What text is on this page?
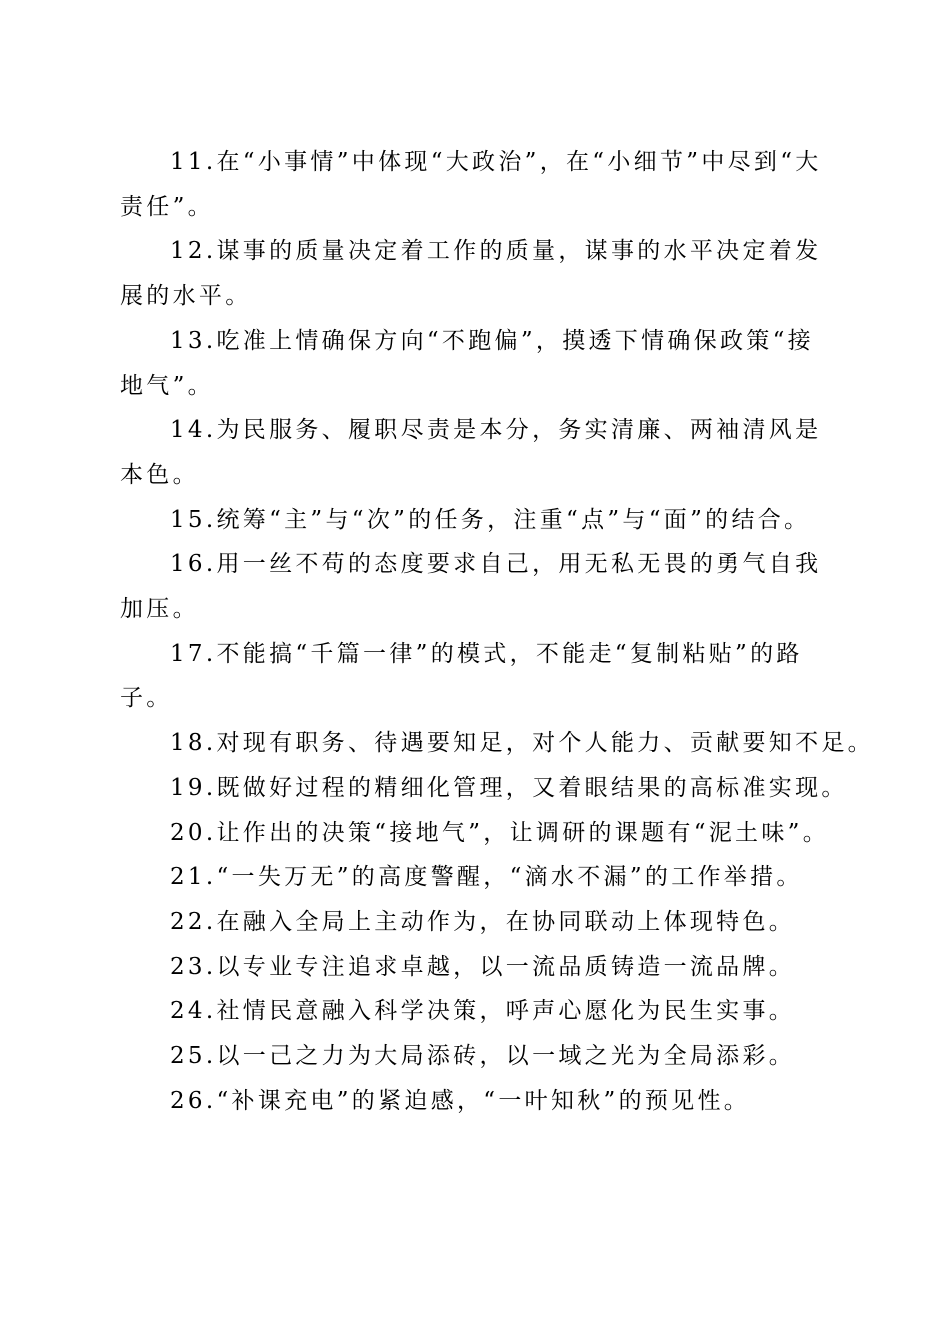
11.在“小事情”中体现“大政治”，在“小细节”中尽到“大责任”。

12.谋事的质量决定着工作的质量，谋事的水平决定着发展的水平。

13.吃准上情确保方向“不跑偏”，摸透下情确保政策“接地气”。

14.为民服务、履职尽责是本分，务实清廉、两袖清风是本色。

15.统筹“主”与“次”的任务，注重“点”与“面”的结合。

16.用一丝不苟的态度要求自己，用无私无畏的勇气自我加压。

17.不能搞“千篇一律”的模式，不能走“复制粘贴”的路子。

18.对现有职务、待遇要知足，对个人能力、贡献要知不足。

19.既做好过程的精细化管理，又着眼结果的高标准实现。

20.让作出的决策“接地气”，让调研的课题有“泥土味”。

21.“一失万无”的高度警醒，“滴水不漏”的工作举措。

22.在融入全局上主动作为，在协同联动上体现特色。

23.以专业专注追求卓越，以一流品质铸造一流品牌。

24.社情民意融入科学决策，呼声心愿化为民生实事。

25.以一己之力为大局添砖，以一域之光为全局添彩。

26.“补课充电”的紧迫感，“一叶知秋”的预见性。
